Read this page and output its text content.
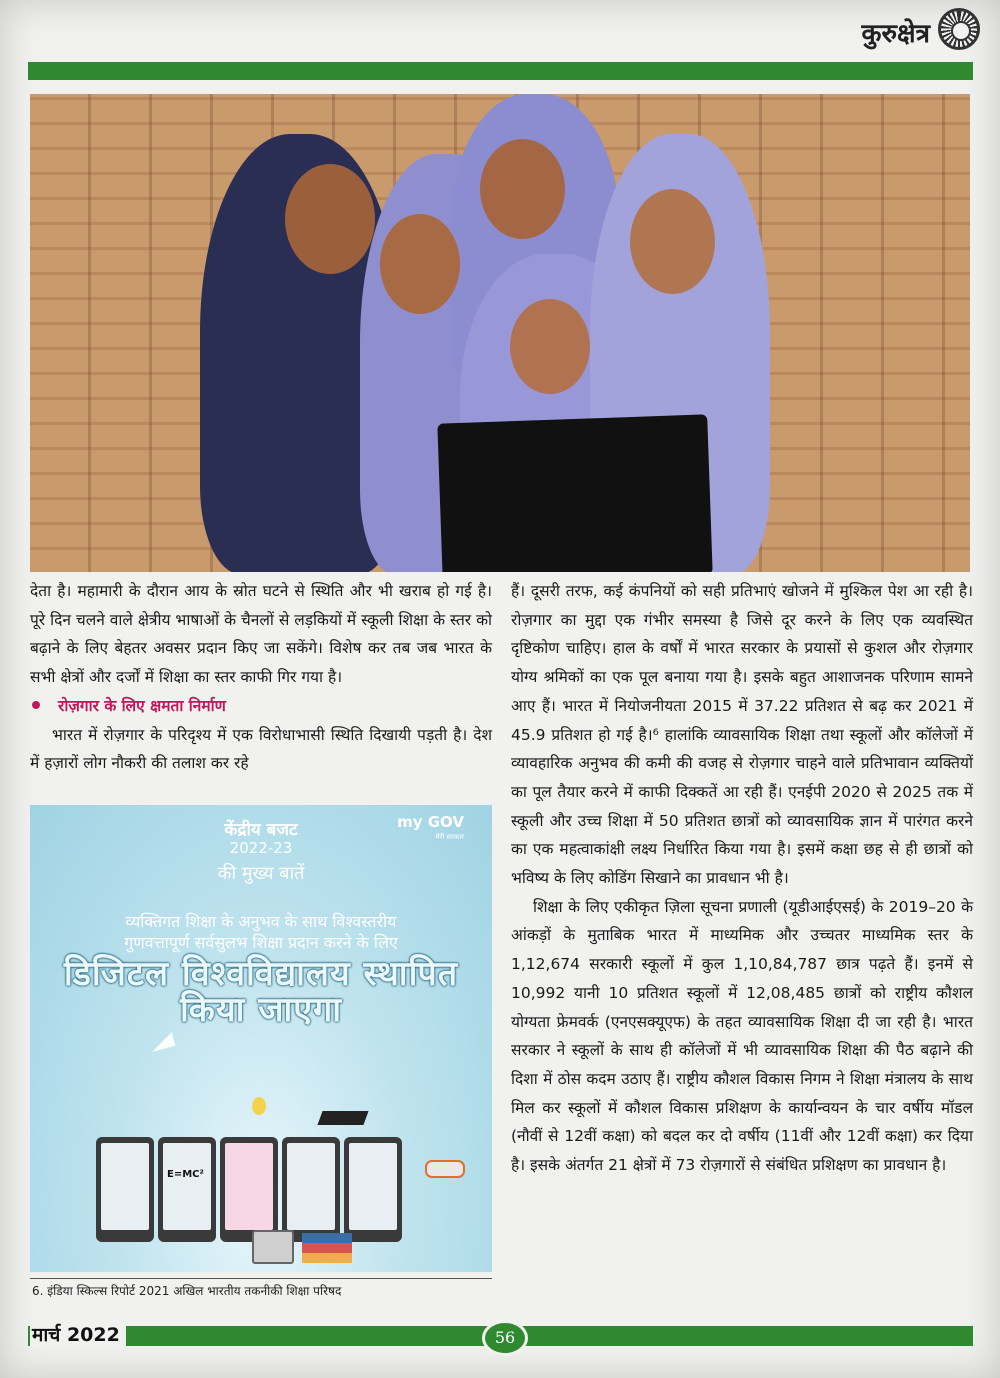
कुरुक्षेत्र

देता है। महामारी के दौरान आय के स्रोत घटने से स्थिति और भी खराब हो गई है। पूरे दिन चलने वाले क्षेत्रीय भाषाओं के चैनलों से लड़कियों में स्कूली शिक्षा के स्तर को बढ़ाने के लिए बेहतर अवसर प्रदान किए जा सकेंगे। विशेष कर तब जब भारत के सभी क्षेत्रों और दर्जों में शिक्षा का स्तर काफी गिर गया है।

रोज़गार के लिए क्षमता निर्माण

भारत में रोज़गार के परिदृश्य में एक विरोधाभासी स्थिति दिखायी पड़ती है। देश में हज़ारों लोग नौकरी की तलाश कर रहे

केंद्रीय बजट
2022-23
की मुख्य बातें
my GOV
मेरी सरकार
व्यक्तिगत शिक्षा के अनुभव के साथ विश्वस्तरीय
गुणवत्तापूर्ण सर्वसुलभ शिक्षा प्रदान करने के लिए
डिजिटल विश्वविद्यालय स्थापित
किया जाएगा
E=MC²

हैं। दूसरी तरफ, कई कंपनियों को सही प्रतिभाएं खोजने में मुश्किल पेश आ रही है। रोज़गार का मुद्दा एक गंभीर समस्या है जिसे दूर करने के लिए एक व्यवस्थित दृष्टिकोण चाहिए। हाल के वर्षों में भारत सरकार के प्रयासों से कुशल और रोज़गार योग्य श्रमिकों का एक पूल बनाया गया है। इसके बहुत आशाजनक परिणाम सामने आए हैं। भारत में नियोजनीयता 2015 में 37.22 प्रतिशत से बढ़ कर 2021 में 45.9 प्रतिशत हो गई है।⁶ हालांकि व्यावसायिक शिक्षा तथा स्कूलों और कॉलेजों में व्यावहारिक अनुभव की कमी की वजह से रोज़गार चाहने वाले प्रतिभावान व्यक्तियों का पूल तैयार करने में काफी दिक्कतें आ रही हैं। एनईपी 2020 से 2025 तक में स्कूली और उच्च शिक्षा में 50 प्रतिशत छात्रों को व्यावसायिक ज्ञान में पारंगत करने का एक महत्वाकांक्षी लक्ष्य निर्धारित किया गया है। इसमें कक्षा छह से ही छात्रों को भविष्य के लिए कोडिंग सिखाने का प्रावधान भी है।

शिक्षा के लिए एकीकृत ज़िला सूचना प्रणाली (यूडीआईएसई) के 2019–20 के आंकड़ों के मुताबिक भारत में माध्यमिक और उच्चतर माध्यमिक स्तर के 1,12,674 सरकारी स्कूलों में कुल 1,10,84,787 छात्र पढ़ते हैं। इनमें से 10,992 यानी 10 प्रतिशत स्कूलों में 12,08,485 छात्रों को राष्ट्रीय कौशल योग्यता फ्रेमवर्क (एनएसक्यूएफ) के तहत व्यावसायिक शिक्षा दी जा रही है। भारत सरकार ने स्कूलों के साथ ही कॉलेजों में भी व्यावसायिक शिक्षा की पैठ बढ़ाने की दिशा में ठोस कदम उठाए हैं। राष्ट्रीय कौशल विकास निगम ने शिक्षा मंत्रालय के साथ मिल कर स्कूलों में कौशल विकास प्रशिक्षण के कार्यान्वयन के चार वर्षीय मॉडल (नौवीं से 12वीं कक्षा) को बदल कर दो वर्षीय (11वीं और 12वीं कक्षा) कर दिया है। इसके अंतर्गत 21 क्षेत्रों में 73 रोज़गारों से संबंधित प्रशिक्षण का प्रावधान है।

6. इंडिया स्किल्स रिपोर्ट 2021 अखिल भारतीय तकनीकी शिक्षा परिषद
मार्च 2022	56
